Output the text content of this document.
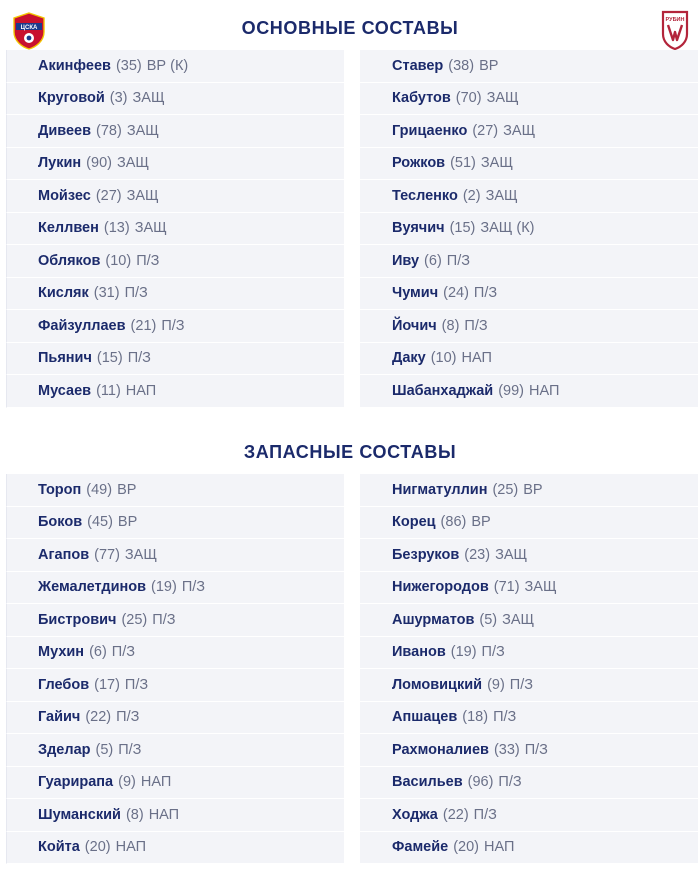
ЦСКА	ОСНОВНЫЕ СОСТАВЫ	РУБИН
Акинфеев (35) ВР (К)
Круговой (3) ЗАЩ
Дивеев (78) ЗАЩ
Лукин (90) ЗАЩ
Мойзес (27) ЗАЩ
Келлвен (13) ЗАЩ
Обляков (10) П/З
Кисляк (31) П/З
Файзуллаев (21) П/З
Пьянич (15) П/З
Мусаев (11) НАП
Ставер (38) ВР
Кабутов (70) ЗАЩ
Грицаенко (27) ЗАЩ
Рожков (51) ЗАЩ
Тесленко (2) ЗАЩ
Вуячич (15) ЗАЩ (К)
Иву (6) П/З
Чумич (24) П/З
Йочич (8) П/З
Даку (10) НАП
Шабанхаджай (99) НАП
ЗАПАСНЫЕ СОСТАВЫ
Тороп (49) ВР
Боков (45) ВР
Агапов (77) ЗАЩ
Жемалетдинов (19) П/З
Бистрович (25) П/З
Мухин (6) П/З
Глебов (17) П/З
Гайич (22) П/З
Зделар (5) П/З
Гуарирапа (9) НАП
Шуманский (8) НАП
Койта (20) НАП
Нигматуллин (25) ВР
Корец (86) ВР
Безруков (23) ЗАЩ
Нижегородов (71) ЗАЩ
Ашурматов (5) ЗАЩ
Иванов (19) П/З
Ломовицкий (9) П/З
Апшацев (18) П/З
Рахмоналиев (33) П/З
Васильев (96) П/З
Ходжа (22) П/З
Фамейе (20) НАП
